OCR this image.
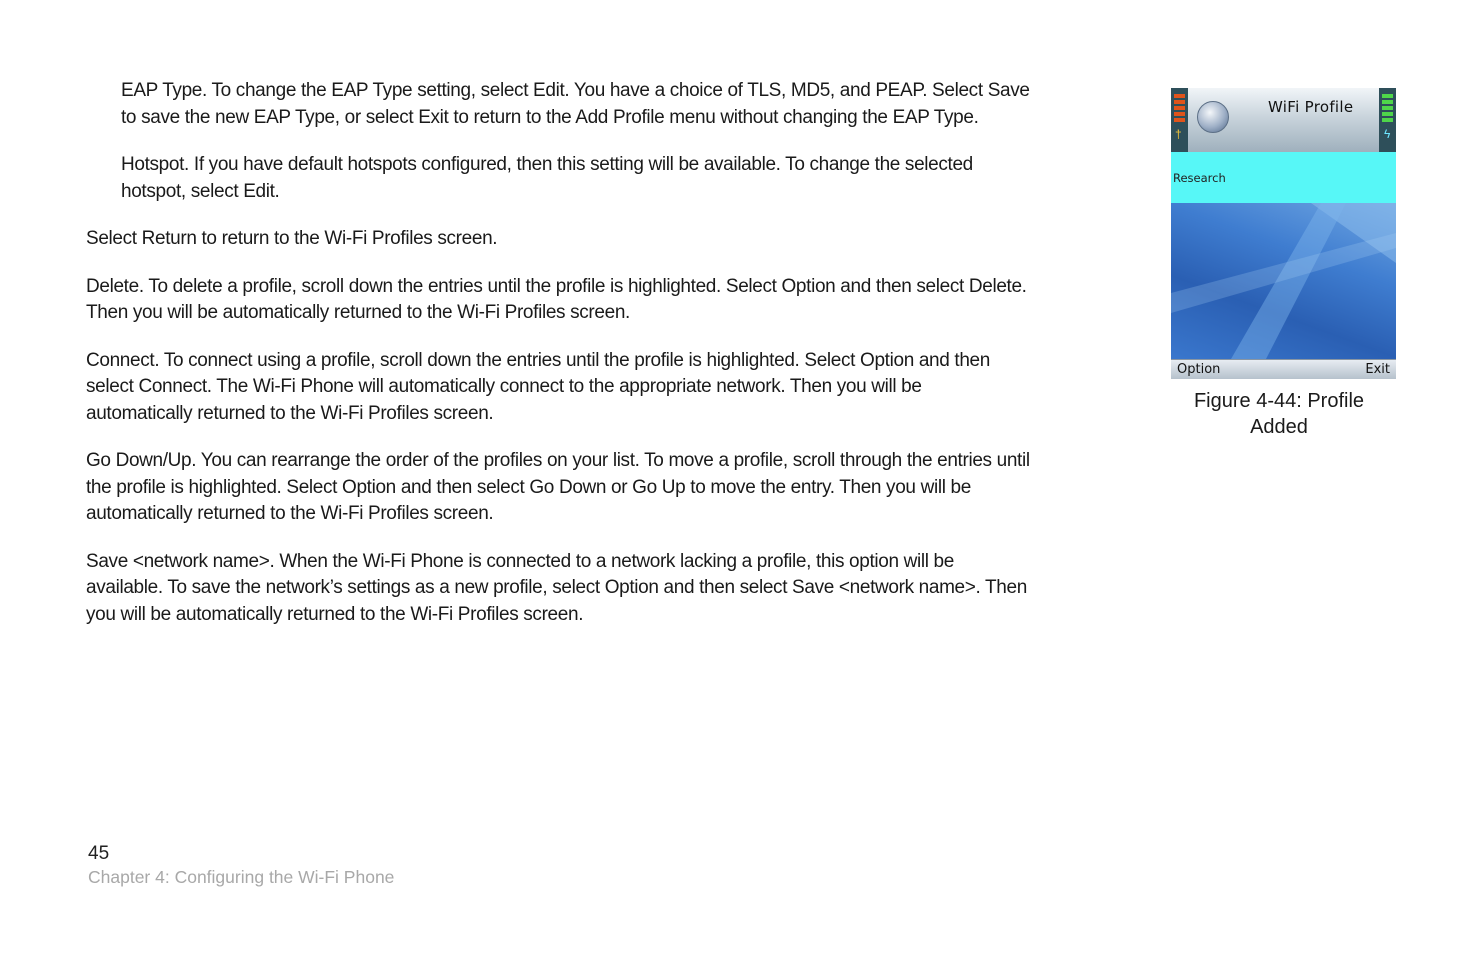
EAP Type. To change the EAP Type setting, select Edit. You have a choice of TLS, MD5, and PEAP. Select Save to save the new EAP Type, or select Exit to return to the Add Profile menu without changing the EAP Type.

Hotspot. If you have default hotspots configured, then this setting will be available. To change the selected hotspot, select Edit.

Select Return to return to the Wi-Fi Profiles screen.

Delete. To delete a profile, scroll down the entries until the profile is highlighted. Select Option and then select Delete. Then you will be automatically returned to the Wi-Fi Profiles screen.

Connect. To connect using a profile, scroll down the entries until the profile is highlighted. Select Option and then select Connect. The Wi-Fi Phone will automatically connect to the appropriate network. Then you will be automatically returned to the Wi-Fi Profiles screen.

Go Down/Up. You can rearrange the order of the profiles on your list. To move a profile, scroll through the entries until the profile is highlighted. Select Option and then select Go Down or Go Up to move the entry. Then you will be automatically returned to the Wi-Fi Profiles screen.

Save <network name>. When the Wi-Fi Phone is connected to a network lacking a profile, this option will be available. To save the network’s settings as a new profile, select Option and then select Save <network name>. Then you will be automatically returned to the Wi-Fi Profiles screen.

†
WiFi Profile
ϟ
Research
Option	Exit
Figure 4-44: Profile
Added
45
Chapter 4: Configuring the Wi-Fi Phone
